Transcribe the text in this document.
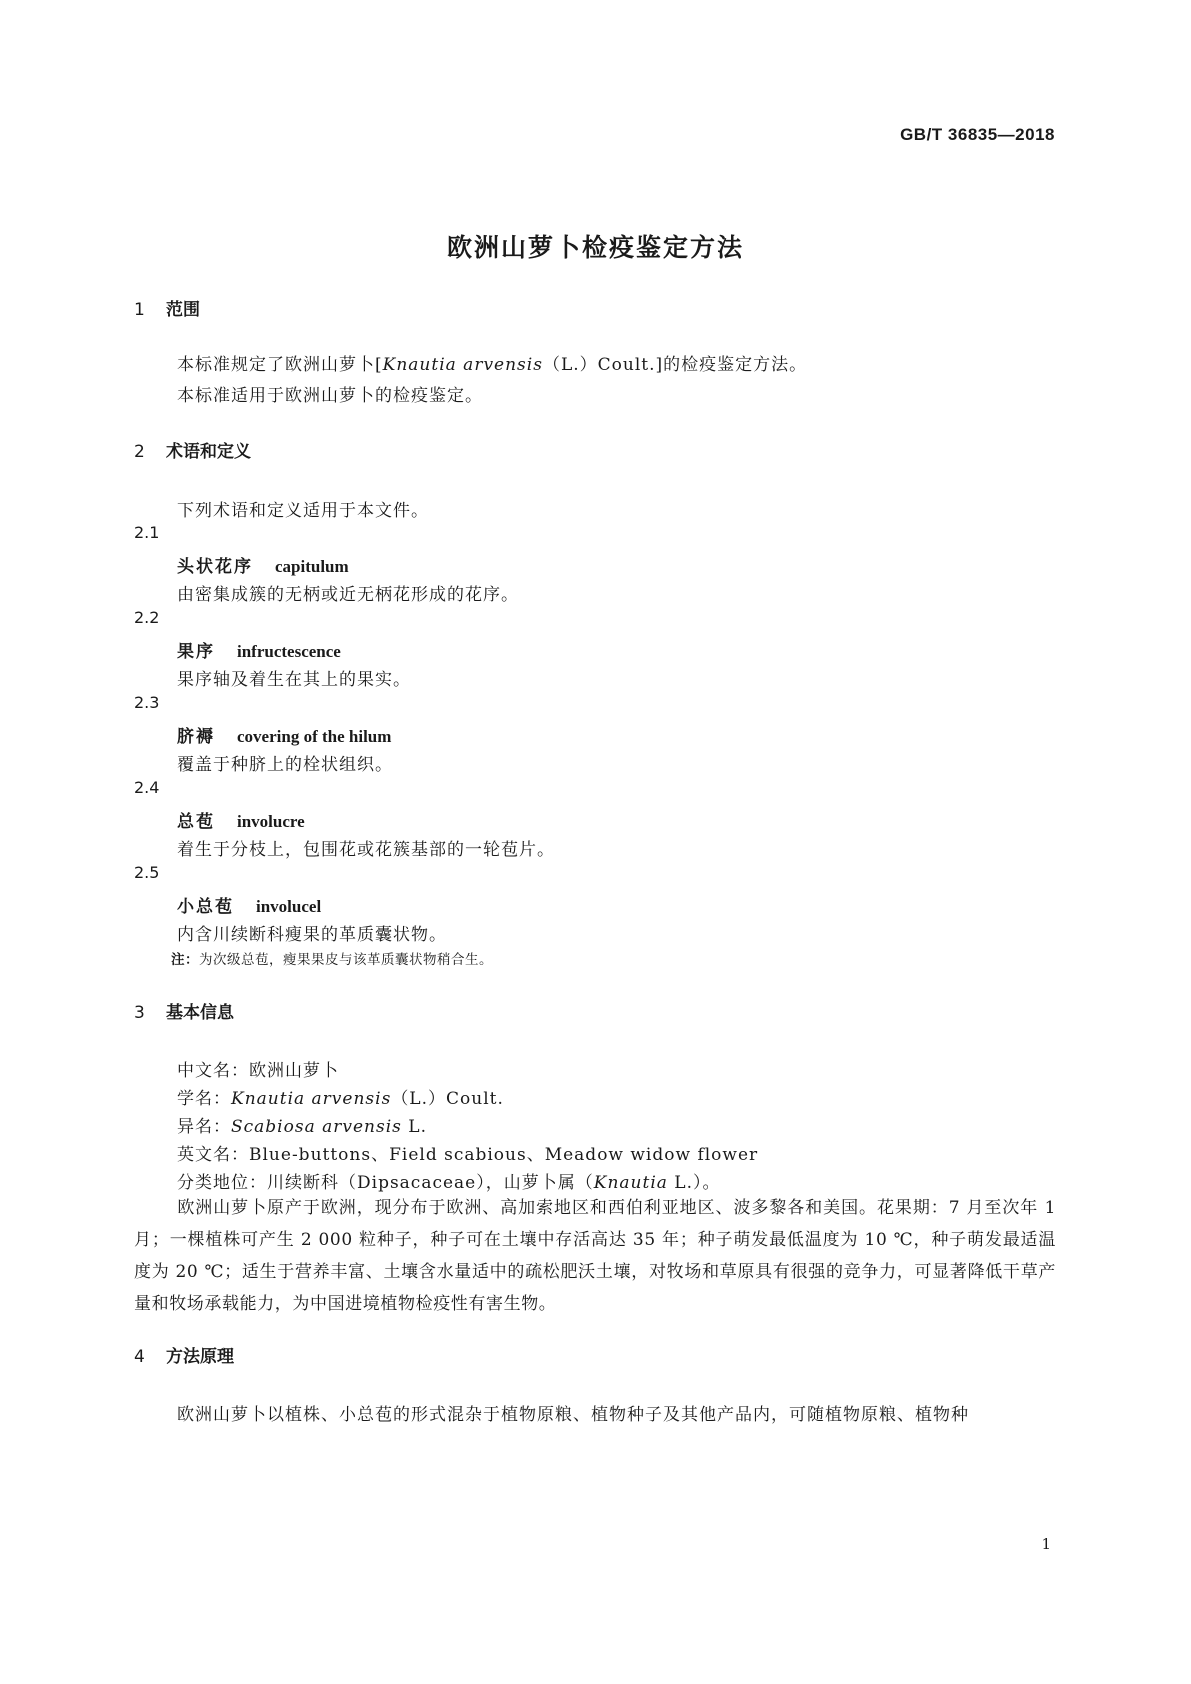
GB/T 36835—2018
欧洲山萝卜检疫鉴定方法
1 范围
本标准规定了欧洲山萝卜[Knautia arvensis（L.）Coult.]的检疫鉴定方法。
本标准适用于欧洲山萝卜的检疫鉴定。
2 术语和定义
下列术语和定义适用于本文件。
2.1
头状花序 capitulum
由密集成簇的无柄或近无柄花形成的花序。
2.2
果序 infructescence
果序轴及着生在其上的果实。
2.3
脐褥 covering of the hilum
覆盖于种脐上的栓状组织。
2.4
总苞 involucre
着生于分枝上，包围花或花簇基部的一轮苞片。
2.5
小总苞 involucel
内含川续断科瘦果的革质囊状物。
注：为次级总苞，瘦果果皮与该革质囊状物稍合生。
3 基本信息
中文名：欧洲山萝卜
学名：Knautia arvensis（L.）Coult.
异名：Scabiosa arvensis L.
英文名：Blue-buttons、Field scabious、Meadow widow flower
分类地位：川续断科（Dipsacaceae），山萝卜属（Knautia L.）。
欧洲山萝卜原产于欧洲，现分布于欧洲、高加索地区和西伯利亚地区、波多黎各和美国。花果期：7 月至次年 1 月；一棵植株可产生 2 000 粒种子，种子可在土壤中存活高达 35 年；种子萌发最低温度为 10 ℃，种子萌发最适温度为 20 ℃；适生于营养丰富、土壤含水量适中的疏松肥沃土壤，对牧场和草原具有很强的竞争力，可显著降低干草产量和牧场承载能力，为中国进境植物检疫性有害生物。
4 方法原理
欧洲山萝卜以植株、小总苞的形式混杂于植物原粮、植物种子及其他产品内，可随植物原粮、植物种
1
